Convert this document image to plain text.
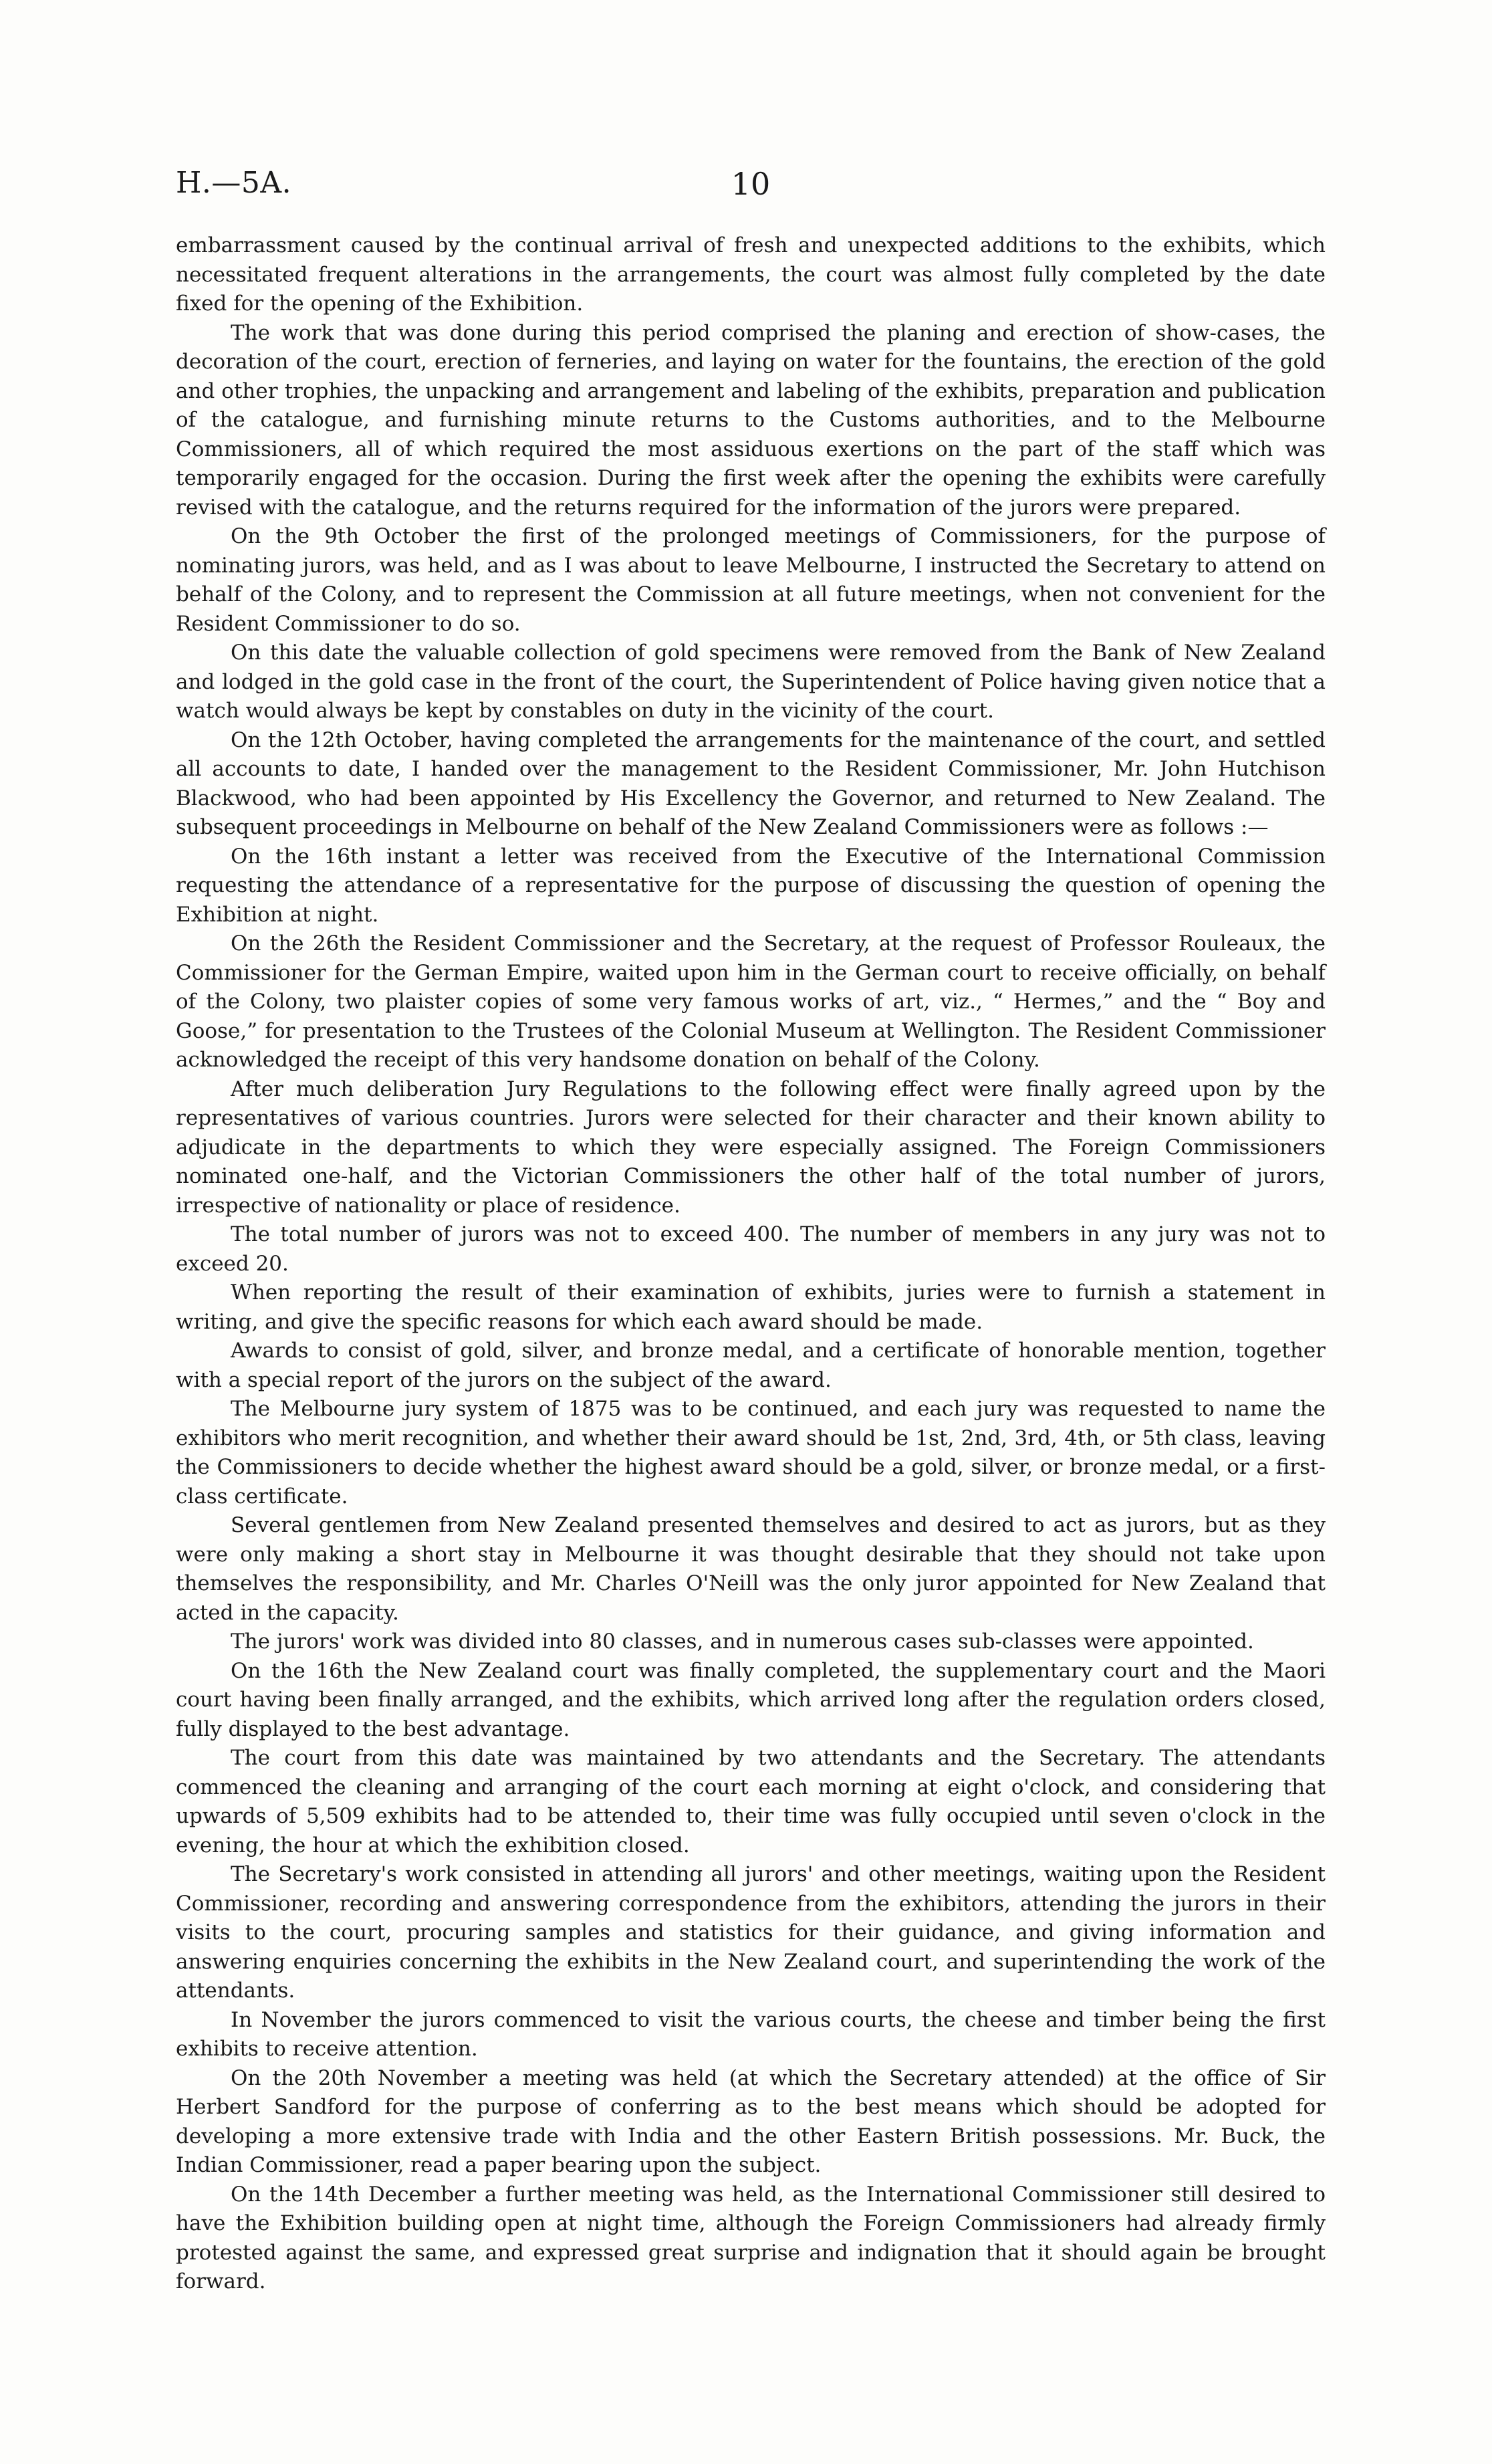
H.—5A.	10

embarrassment caused by the continual arrival of fresh and unexpected additions to the exhibits, which necessitated frequent alterations in the arrangements, the court was almost fully completed by the date fixed for the opening of the Exhibition.

The work that was done during this period comprised the planing and erection of show-cases, the decoration of the court, erection of ferneries, and laying on water for the fountains, the erection of the gold and other trophies, the unpacking and arrangement and labeling of the exhibits, preparation and publication of the catalogue, and furnishing minute returns to the Customs authorities, and to the Melbourne Commissioners, all of which required the most assiduous exertions on the part of the staff which was temporarily engaged for the occasion. During the first week after the opening the exhibits were carefully revised with the catalogue, and the returns required for the information of the jurors were prepared.

On the 9th October the first of the prolonged meetings of Commissioners, for the purpose of nominating jurors, was held, and as I was about to leave Melbourne, I instructed the Secretary to attend on behalf of the Colony, and to represent the Commission at all future meetings, when not convenient for the Resident Commissioner to do so.

On this date the valuable collection of gold specimens were removed from the Bank of New Zealand and lodged in the gold case in the front of the court, the Superintendent of Police having given notice that a watch would always be kept by constables on duty in the vicinity of the court.

On the 12th October, having completed the arrangements for the maintenance of the court, and settled all accounts to date, I handed over the management to the Resident Commissioner, Mr. John Hutchison Blackwood, who had been appointed by His Excellency the Governor, and returned to New Zealand. The subsequent proceedings in Melbourne on behalf of the New Zealand Commissioners were as follows :—

On the 16th instant a letter was received from the Executive of the International Commission requesting the attendance of a representative for the purpose of discussing the question of opening the Exhibition at night.

On the 26th the Resident Commissioner and the Secretary, at the request of Professor Rouleaux, the Commissioner for the German Empire, waited upon him in the German court to receive officially, on behalf of the Colony, two plaister copies of some very famous works of art, viz., “ Hermes,” and the “ Boy and Goose,” for presentation to the Trustees of the Colonial Museum at Wellington. The Resident Commissioner acknowledged the receipt of this very handsome donation on behalf of the Colony.

After much deliberation Jury Regulations to the following effect were finally agreed upon by the representatives of various countries. Jurors were selected for their character and their known ability to adjudicate in the departments to which they were especially assigned. The Foreign Commissioners nominated one-half, and the Victorian Commissioners the other half of the total number of jurors, irrespective of nationality or place of residence.

The total number of jurors was not to exceed 400. The number of members in any jury was not to exceed 20.

When reporting the result of their examination of exhibits, juries were to furnish a statement in writing, and give the specific reasons for which each award should be made.

Awards to consist of gold, silver, and bronze medal, and a certificate of honorable mention, together with a special report of the jurors on the subject of the award.

The Melbourne jury system of 1875 was to be continued, and each jury was requested to name the exhibitors who merit recognition, and whether their award should be 1st, 2nd, 3rd, 4th, or 5th class, leaving the Commissioners to decide whether the highest award should be a gold, silver, or bronze medal, or a first-class certificate.

Several gentlemen from New Zealand presented themselves and desired to act as jurors, but as they were only making a short stay in Melbourne it was thought desirable that they should not take upon themselves the responsibility, and Mr. Charles O'Neill was the only juror appointed for New Zealand that acted in the capacity.

The jurors' work was divided into 80 classes, and in numerous cases sub-classes were appointed.

On the 16th the New Zealand court was finally completed, the supplementary court and the Maori court having been finally arranged, and the exhibits, which arrived long after the regulation orders closed, fully displayed to the best advantage.

The court from this date was maintained by two attendants and the Secretary. The attendants commenced the cleaning and arranging of the court each morning at eight o'clock, and considering that upwards of 5,509 exhibits had to be attended to, their time was fully occupied until seven o'clock in the evening, the hour at which the exhibition closed.

The Secretary's work consisted in attending all jurors' and other meetings, waiting upon the Resident Commissioner, recording and answering correspondence from the exhibitors, attending the jurors in their visits to the court, procuring samples and statistics for their guidance, and giving information and answering enquiries concerning the exhibits in the New Zealand court, and superintending the work of the attendants.

In November the jurors commenced to visit the various courts, the cheese and timber being the first exhibits to receive attention.

On the 20th November a meeting was held (at which the Secretary attended) at the office of Sir Herbert Sandford for the purpose of conferring as to the best means which should be adopted for developing a more extensive trade with India and the other Eastern British possessions. Mr. Buck, the Indian Commissioner, read a paper bearing upon the subject.

On the 14th December a further meeting was held, as the International Commissioner still desired to have the Exhibition building open at night time, although the Foreign Commissioners had already firmly protested against the same, and expressed great surprise and indignation that it should again be brought forward.
